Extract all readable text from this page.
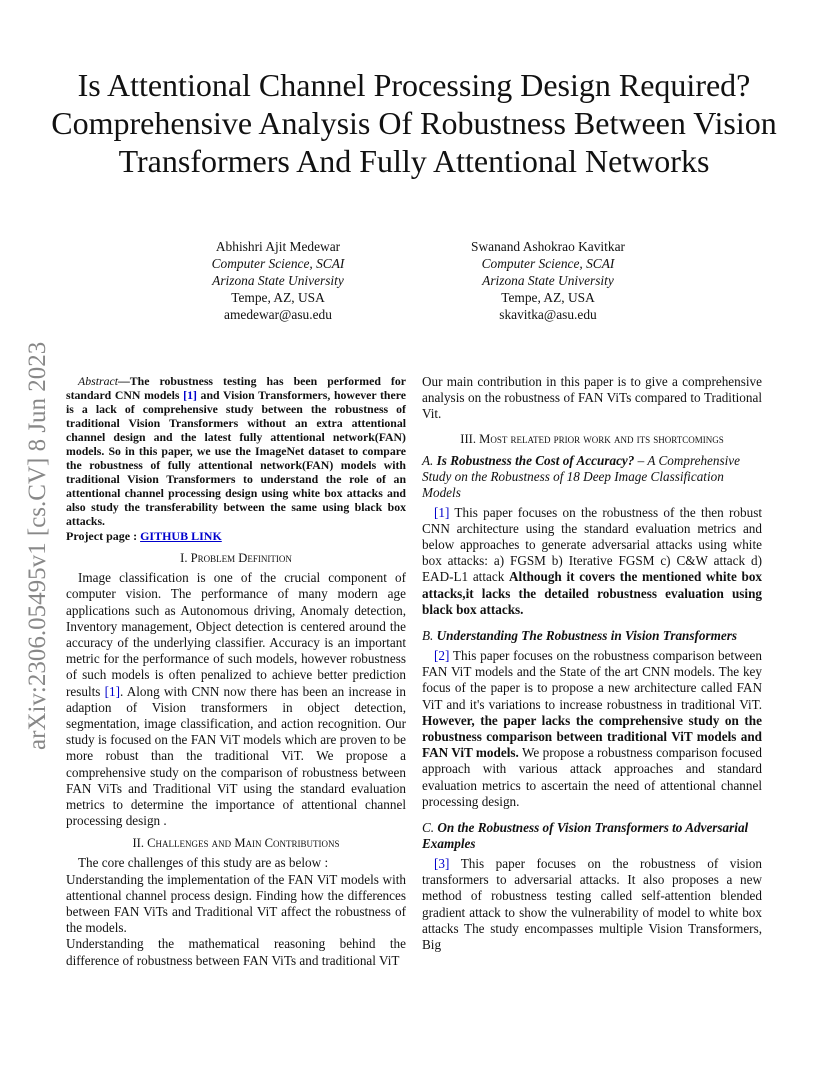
Is Attentional Channel Processing Design Required? Comprehensive Analysis Of Robustness Between Vision Transformers And Fully Attentional Networks
Abhishri Ajit Medewar
Computer Science, SCAI
Arizona State University
Tempe, AZ, USA
amedewar@asu.edu
Swanand Ashokrao Kavitkar
Computer Science, SCAI
Arizona State University
Tempe, AZ, USA
skavitka@asu.edu
arXiv:2306.05495v1 [cs.CV] 8 Jun 2023	Abstract—The robustness testing has been performed for standard CNN models [1] and Vision Transformers, however there is a lack of comprehensive study between the robustness of traditional Vision Transformers without an extra attentional channel design and the latest fully attentional network(FAN) models. So in this paper, we use the ImageNet dataset to compare the robustness of fully attentional network(FAN) models with traditional Vision Transformers to understand the role of an attentional channel processing design using white box attacks and also study the transferability between the same using black box attacks.

Project page : GITHUB LINK

I. Problem Definition

Image classification is one of the crucial component of computer vision. The performance of many modern age applications such as Autonomous driving, Anomaly detection, Inventory management, Object detection is centered around the accuracy of the underlying classifier. Accuracy is an important metric for the performance of such models, however robustness of such models is often penalized to achieve better prediction results [1]. Along with CNN now there has been an increase in adaption of Vision transformers in object detection, segmentation, image classification, and action recognition. Our study is focused on the FAN ViT models which are proven to be more robust than the traditional ViT. We propose a comprehensive study on the comparison of robustness between FAN ViTs and Traditional ViT using the standard evaluation metrics to determine the importance of attentional channel processing design .

II. Challenges and Main Contributions

The core challenges of this study are as below :

Understanding the implementation of the FAN ViT models with attentional channel process design. Finding how the differences between FAN ViTs and Traditional ViT affect the robustness of the models.

Understanding the mathematical reasoning behind the difference of robustness between FAN ViTs and traditional ViT

Our main contribution in this paper is to give a comprehensive analysis on the robustness of FAN ViTs compared to Traditional Vit.

III. Most related prior work and its shortcomings
A. Is Robustness the Cost of Accuracy? – A Comprehensive Study on the Robustness of 18 Deep Image Classification Models

[1] This paper focuses on the robustness of the then robust CNN architecture using the standard evaluation metrics and below approaches to generate adversarial attacks using white box attacks: a) FGSM b) Iterative FGSM c) C&W attack d) EAD-L1 attack Although it covers the mentioned white box attacks,it lacks the detailed robustness evaluation using black box attacks.

B. Understanding The Robustness in Vision Transformers

[2] This paper focuses on the robustness comparison between FAN ViT models and the State of the art CNN models. The key focus of the paper is to propose a new architecture called FAN ViT and it's variations to increase robustness in traditional ViT. However, the paper lacks the comprehensive study on the robustness comparison between traditional ViT models and FAN ViT models. We propose a robustness comparison focused approach with various attack approaches and standard evaluation metrics to ascertain the need of attentional channel processing design.

C. On the Robustness of Vision Transformers to Adversarial Examples

[3] This paper focuses on the robustness of vision transformers to adversarial attacks. It also proposes a new method of robustness testing called self-attention blended gradient attack to show the vulnerability of model to white box attacks The study encompasses multiple Vision Transformers, Big
